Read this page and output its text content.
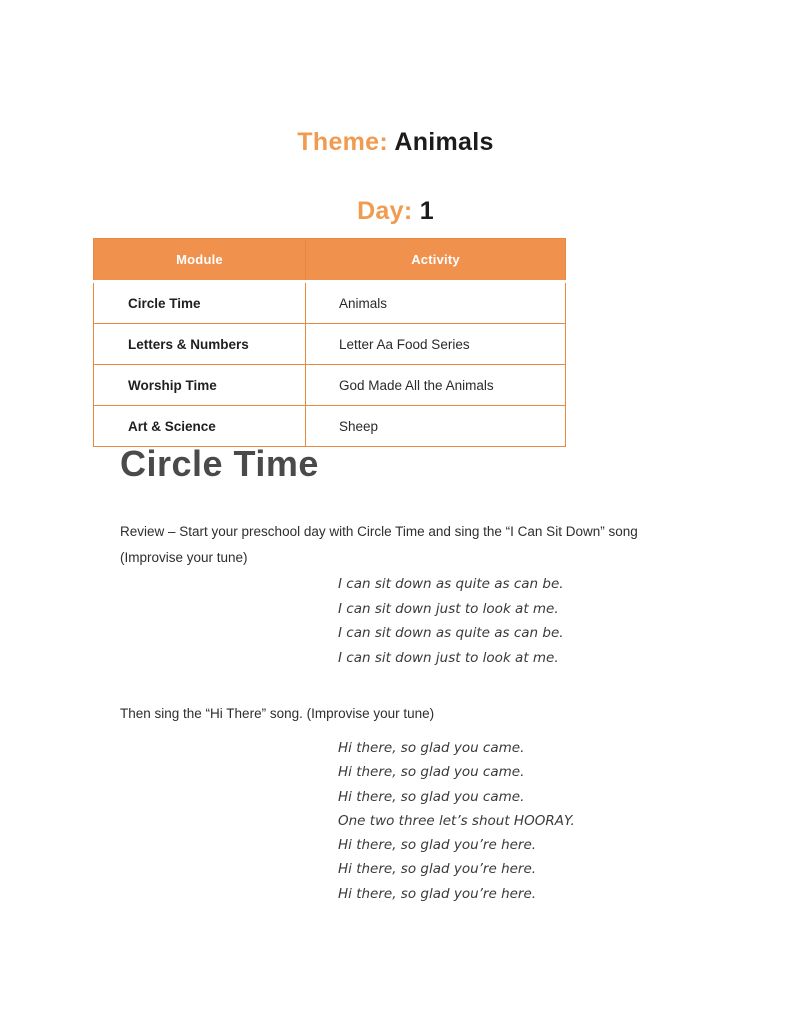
Theme: Animals
Day: 1
Module	Activity
Circle Time	Animals
Letters & Numbers	Letter Aa Food Series
Worship Time	God Made All the Animals
Art & Science	Sheep
Circle Time
Review – Start your preschool day with Circle Time and sing the “I Can Sit Down” song
(Improvise your tune)
I can sit down as quite as can be.
I can sit down just to look at me.
I can sit down as quite as can be.
I can sit down just to look at me.
Then sing the “Hi There” song. (Improvise your tune)
Hi there, so glad you came.
Hi there, so glad you came.
Hi there, so glad you came.
One two three let’s shout HOORAY.
Hi there, so glad you’re here.
Hi there, so glad you’re here.
Hi there, so glad you’re here.
